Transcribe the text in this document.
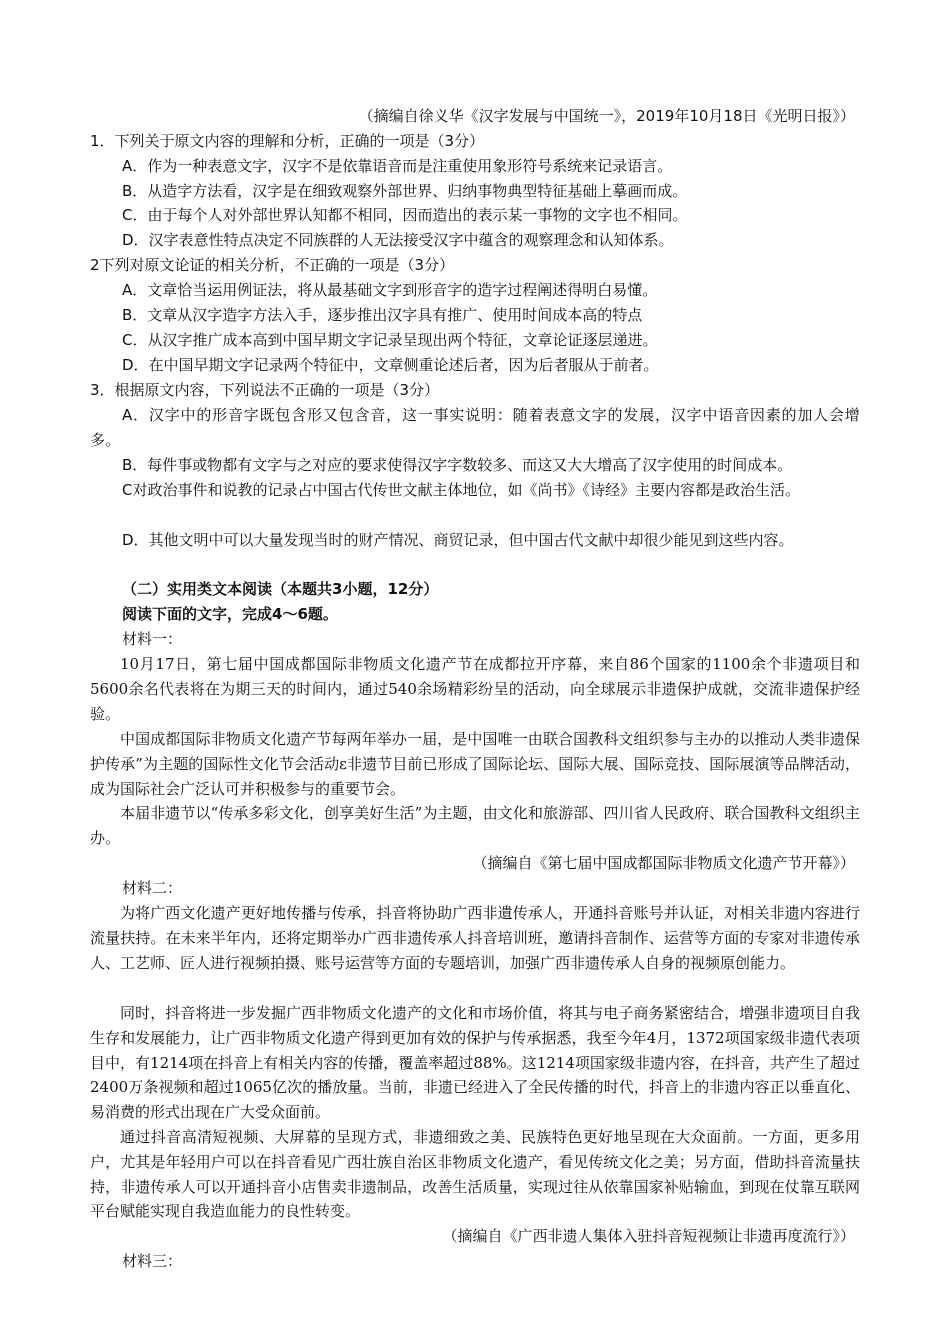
（摘编自徐义华《汉字发展与中国统一》，2019年10月18日《光明日报》）
1．下列关于原文内容的理解和分析，正确的一项是（3分）
A．作为一种表意文字，汉字不是依靠语音而是注重使用象形符号系统来记录语言。
B．从造字方法看，汉字是在细致观察外部世界、归纳事物典型特征基础上摹画而成。
C．由于每个人对外部世界认知都不相同，因而造出的表示某一事物的文字也不相同。
D．汉字表意性特点决定不同族群的人无法接受汉字中蕴含的观察理念和认知体系。
2下列对原文论证的相关分析，不正确的一项是（3分）
A．文章恰当运用例证法，将从最基础文字到形音字的造字过程阐述得明白易懂。
B．文章从汉字造字方法入手，逐步推出汉字具有推广、使用时间成本高的特点
C．从汉字推广成本高到中国早期文字记录呈现出两个特征，文章论证逐层递进。
D．在中国早期文字记录两个特征中，文章侧重论述后者，因为后者服从于前者。
3．根据原文内容，下列说法不正确的一项是（3分）
A．汉字中的形音字既包含形又包含音，这一事实说明：随着表意文字的发展，汉字中语音因素的加人会增多。
B．每件事或物都有文字与之对应的要求使得汉字字数较多、而这又大大增高了汉字使用的时间成本。
C对政治事件和说教的记录占中国古代传世文献主体地位，如《尚书》《诗经》主要内容都是政治生活。
D．其他文明中可以大量发现当时的财产情况、商贸记录，但中国古代文献中却很少能见到这些内容。
（二）实用类文本阅读（本题共3小题，12分）
阅读下面的文字，完成4～6题。
材料一：
10月17日，第七届中国成都国际非物质文化遗产节在成都拉开序幕，来自86个国家的1100余个非遗项目和5600余名代表将在为期三天的时间内，通过540余场精彩纷呈的活动，向全球展示非遗保护成就，交流非遗保护经验。
中国成都国际非物质文化遗产节每两年举办一届，是中国唯一由联合国教科文组织参与主办的以推动人类非遗保护传承”为主题的国际性文化节会活动ε非遗节目前已形成了国际论坛、国际大展、国际竞技、国际展演等品牌活动，成为国际社会广泛认可并积极参与的重要节会。
本届非遗节以“传承多彩文化，创享美好生活”为主题，由文化和旅游部、四川省人民政府、联合国教科文组织主办。
（摘编自《第七届中国成都国际非物质文化遗产节开幕》）
材料二：
为将广西文化遗产更好地传播与传承，抖音将协助广西非遺传承人，开通抖音账号并认证，对相关非遗内容进行流量扶持。在未来半年内，还将定期举办广西非遗传承人抖音培训班，邀请抖音制作、运营等方面的专家对非遗传承人、工艺师、匠人进行视频拍摄、账号运营等方面的专题培训，加强广西非遗传承人自身的视频原创能力。
同时，抖音将进一步发掘广西非物质文化遗产的文化和市场价值，将其与电子商务紧密结合，增强非遗项目自我生存和发展能力，让广西非物质文化遗产得到更加有效的保护与传承据悉，我至今年4月，1372项国家级非遗代表项目中，有1214项在抖音上有相关内容的传播，覆盖率超过88%。这1214项国家级非遗内容，在抖音，共产生了超过2400万条视频和超过1065亿次的播放量。当前，非遗已经进入了全民传播的时代，抖音上的非遗内容正以垂直化、易消费的形式出现在广大受众面前。
通过抖音高清短视频、大屏幕的呈现方式，非遗细致之美、民族特色更好地呈现在大众面前。一方面，更多用户，尤其是年轻用户可以在抖音看见广西壮族自治区非物质文化遗产，看见传统文化之美；另方面，借助抖音流量扶持，非遗传承人可以开通抖音小店售卖非遗制品，改善生活质量，实现过往从依靠国家补贴输血，到现在仗靠互联网平台赋能实现自我造血能力的良性转变。
（摘编自《广西非遗人集体入驻抖音短视频让非遗再度流行》）
材料三：
